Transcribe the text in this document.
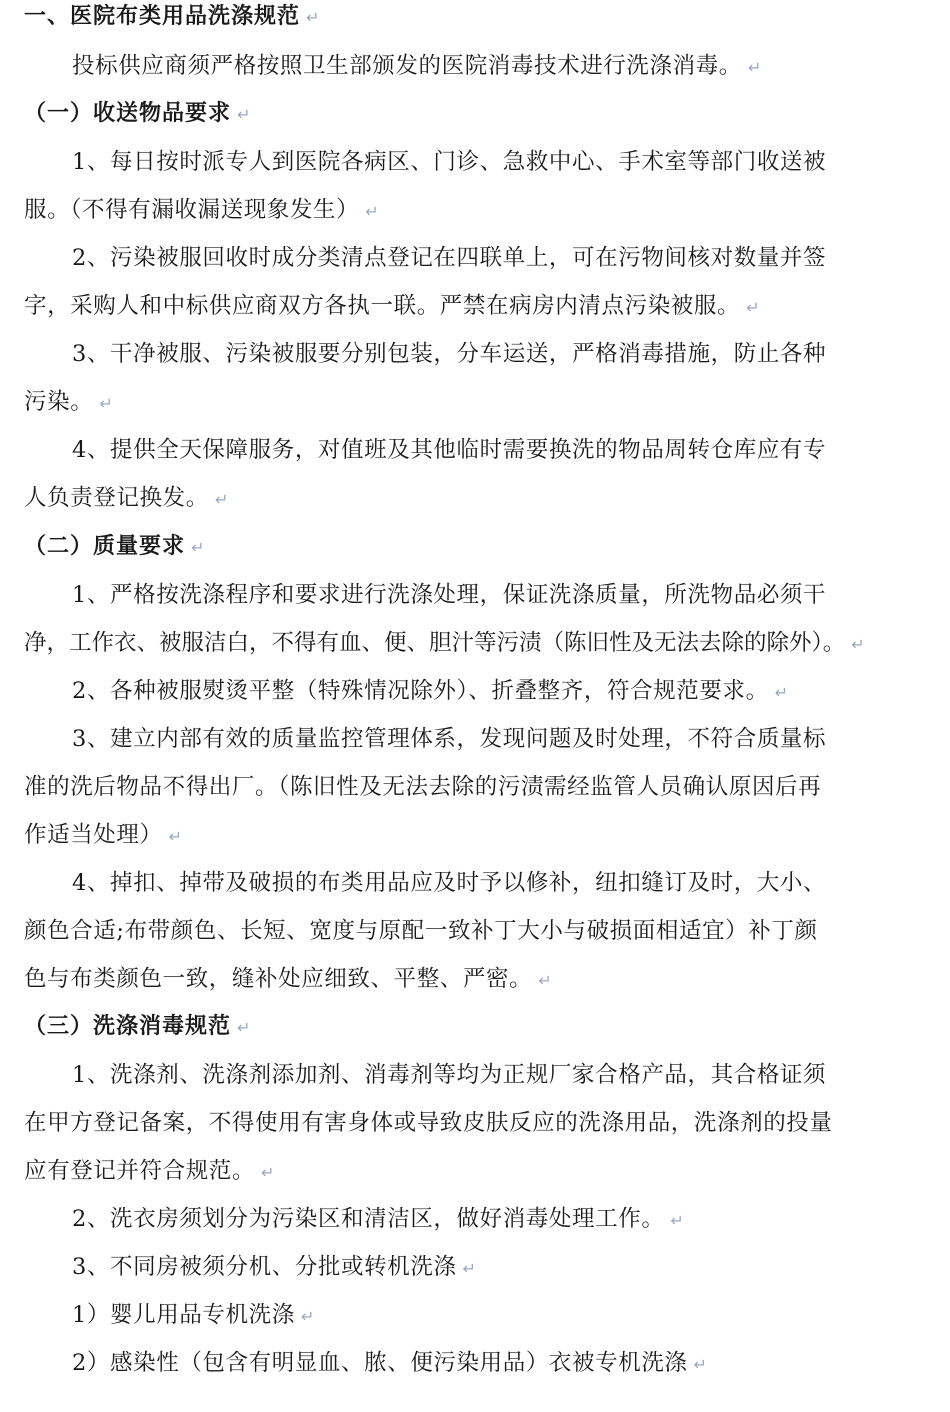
一、医院布类用品洗涤规范 ↵
投标供应商须严格按照卫生部颁发的医院消毒技术进行洗涤消毒。 ↵
（一）收送物品要求 ↵
1、每日按时派专人到医院各病区、门诊、急救中心、手术室等部门收送被
服。（不得有漏收漏送现象发生） ↵
2、污染被服回收时成分类清点登记在四联单上，可在污物间核对数量并签
字，采购人和中标供应商双方各执一联。严禁在病房内清点污染被服。 ↵
3、干净被服、污染被服要分别包装，分车运送，严格消毒措施，防止各种
污染。 ↵
4、提供全天保障服务，对值班及其他临时需要换洗的物品周转仓库应有专
人负责登记换发。 ↵
（二）质量要求 ↵
1、严格按洗涤程序和要求进行洗涤处理，保证洗涤质量，所洗物品必须干
净，工作衣、被服洁白，不得有血、便、胆汁等污渍（陈旧性及无法去除的除外）。 ↵
2、各种被服熨烫平整（特殊情况除外）、折叠整齐，符合规范要求。 ↵
3、建立内部有效的质量监控管理体系，发现问题及时处理，不符合质量标
准的洗后物品不得出厂。（陈旧性及无法去除的污渍需经监管人员确认原因后再
作适当处理） ↵
4、掉扣、掉带及破损的布类用品应及时予以修补，纽扣缝订及时，大小、
颜色合适;布带颜色、长短、宽度与原配一致补丁大小与破损面相适宜）补丁颜
色与布类颜色一致，缝补处应细致、平整、严密。 ↵
（三）洗涤消毒规范 ↵
1、洗涤剂、洗涤剂添加剂、消毒剂等均为正规厂家合格产品，其合格证须
在甲方登记备案，不得使用有害身体或导致皮肤反应的洗涤用品，洗涤剂的投量
应有登记并符合规范。 ↵
2、洗衣房须划分为污染区和清洁区，做好消毒处理工作。 ↵
3、不同房被须分机、分批或转机洗涤 ↵
1）婴儿用品专机洗涤 ↵
2）感染性（包含有明显血、脓、便污染用品）衣被专机洗涤 ↵
